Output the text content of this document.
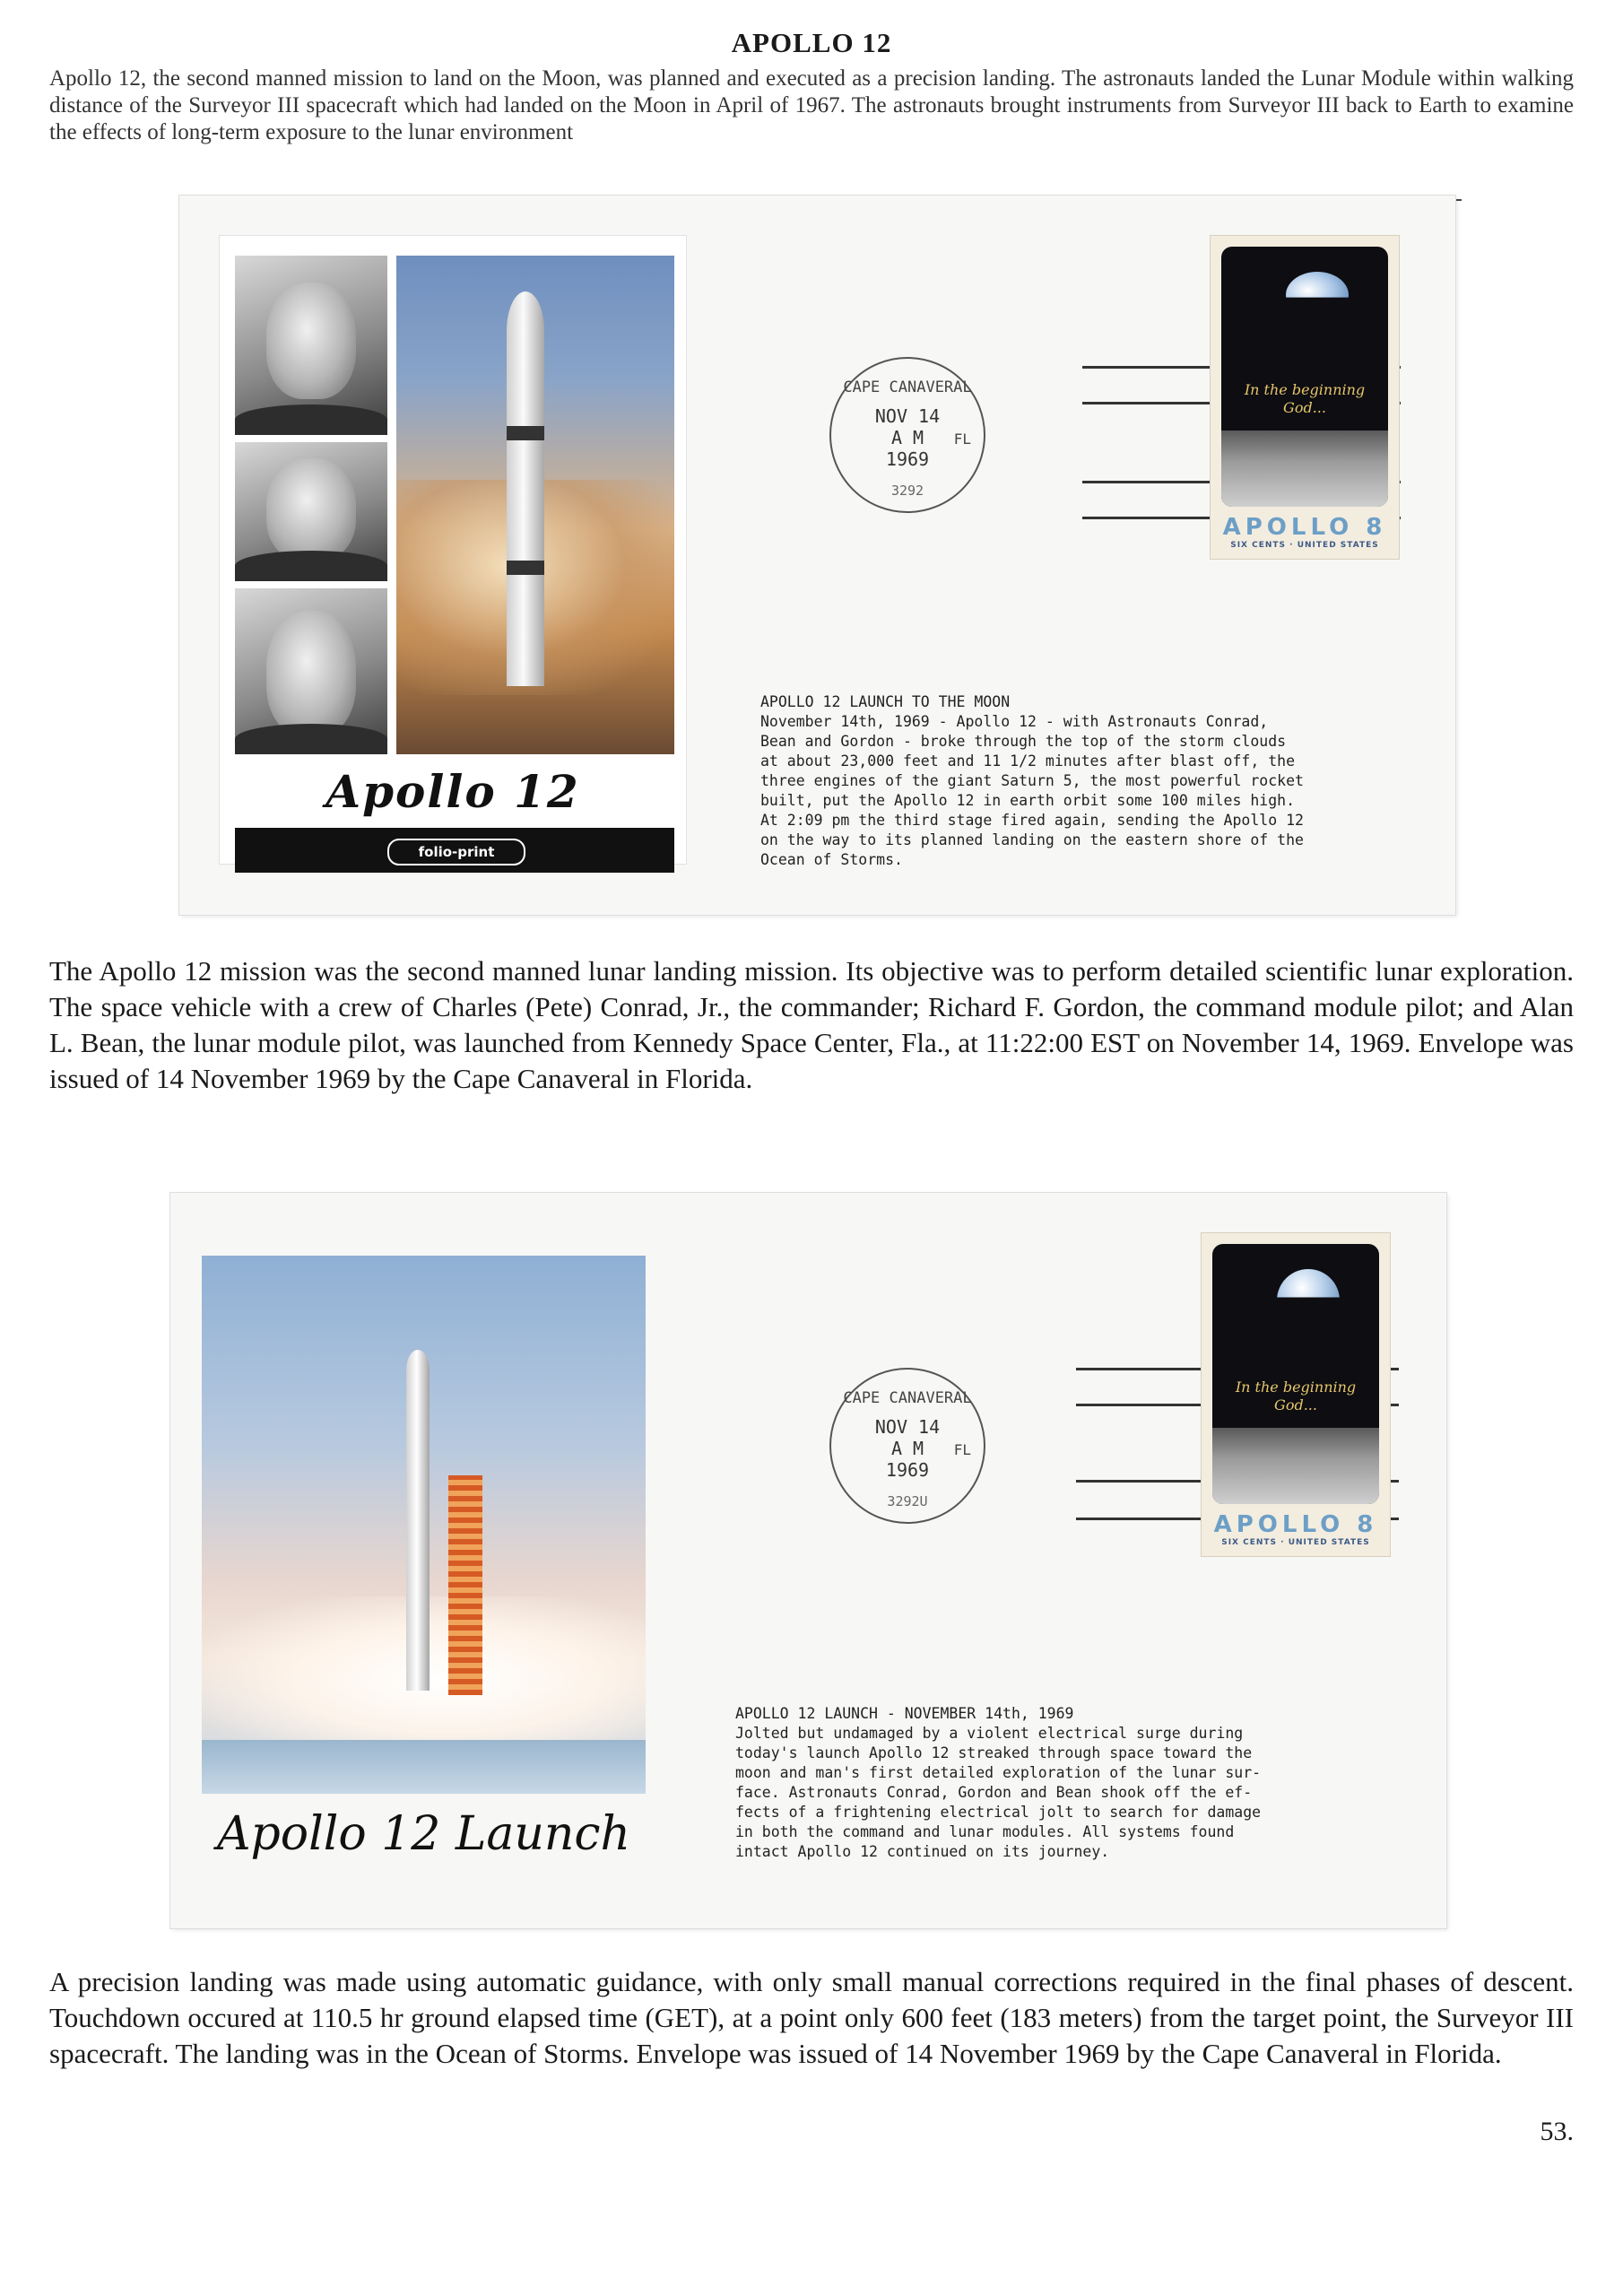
APOLLO 12
Apollo 12, the second manned mission to land on the Moon, was planned and executed as a precision landing. The astronauts landed the Lunar Module within walking distance of the Surveyor III spacecraft which had landed on the Moon in April of 1967. The astronauts brought instruments from Surveyor III back to Earth to examine the effects of long-term exposure to the lunar environment
Apollo 12
folio-print
CAPE CANAVERAL
FL
NOV 14
A M
1969
3292
In the beginning God...
APOLLO 8
SIX CENTS · UNITED STATES
APOLLO 12 LAUNCH TO THE MOON
November 14th, 1969 - Apollo 12 - with Astronauts Conrad,
Bean and Gordon - broke through the top of the storm clouds
at about 23,000 feet and 11 1/2 minutes after blast off, the
three engines of the giant Saturn 5, the most powerful rocket
built, put the Apollo 12 in earth orbit some 100 miles high.
At 2:09 pm the third stage fired again, sending the Apollo 12
on the way to its planned landing on the eastern shore of the
Ocean of Storms.
The Apollo 12 mission was the second manned lunar landing mission. Its objective was to perform detailed scientific lunar exploration. The space vehicle with a crew of Charles (Pete) Conrad, Jr., the commander; Richard F. Gordon, the command module pilot; and Alan L. Bean, the lunar module pilot, was launched from Kennedy Space Center, Fla., at 11:22:00 EST on November 14, 1969. Envelope was issued of 14 November 1969 by the Cape Canaveral in Florida.
Apollo 12 Launch
CAPE CANAVERAL
FL
NOV 14
A M
1969
3292U
In the beginning God...
APOLLO 8
SIX CENTS · UNITED STATES
APOLLO 12 LAUNCH - NOVEMBER 14th, 1969
Jolted but undamaged by a violent electrical surge during
today's launch Apollo 12 streaked through space toward the
moon and man's first detailed exploration of the lunar sur-
face. Astronauts Conrad, Gordon and Bean shook off the ef-
fects of a frightening electrical jolt to search for damage
in both the command and lunar modules. All systems found
intact Apollo 12 continued on its journey.
A precision landing was made using automatic guidance, with only small manual corrections required in the final phases of descent. Touchdown occured at 110.5 hr ground elapsed time (GET), at a point only 600 feet (183 meters) from the target point, the Surveyor III spacecraft. The landing was in the Ocean of Storms. Envelope was issued of 14 November 1969 by the Cape Canaveral in Florida.
53.
